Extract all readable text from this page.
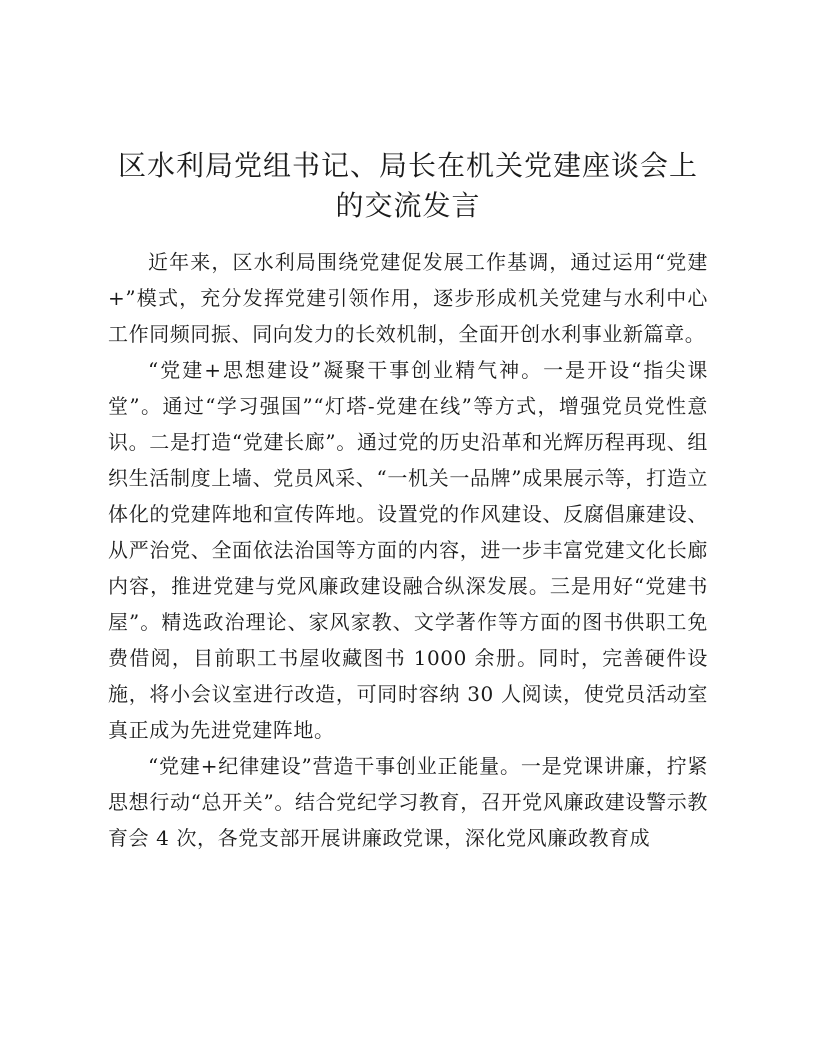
区水利局党组书记、局长在机关党建座谈会上的交流发言

近年来，区水利局围绕党建促发展工作基调，通过运用“党建+”模式，充分发挥党建引领作用，逐步形成机关党建与水利中心工作同频同振、同向发力的长效机制，全面开创水利事业新篇章。

“党建+思想建设”凝聚干事创业精气神。一是开设“指尖课堂”。通过“学习强国”“灯塔-党建在线”等方式，增强党员党性意识。二是打造“党建长廊”。通过党的历史沿革和光辉历程再现、组织生活制度上墙、党员风采、“一机关一品牌”成果展示等，打造立体化的党建阵地和宣传阵地。设置党的作风建设、反腐倡廉建设、从严治党、全面依法治国等方面的内容，进一步丰富党建文化长廊内容，推进党建与党风廉政建设融合纵深发展。三是用好“党建书屋”。精选政治理论、家风家教、文学著作等方面的图书供职工免费借阅，目前职工书屋收藏图书 1000 余册。同时，完善硬件设施，将小会议室进行改造，可同时容纳 30 人阅读，使党员活动室真正成为先进党建阵地。

“党建+纪律建设”营造干事创业正能量。一是党课讲廉，拧紧思想行动“总开关”。结合党纪学习教育，召开党风廉政建设警示教育会 4 次，各党支部开展讲廉政党课，深化党风廉政教育成
